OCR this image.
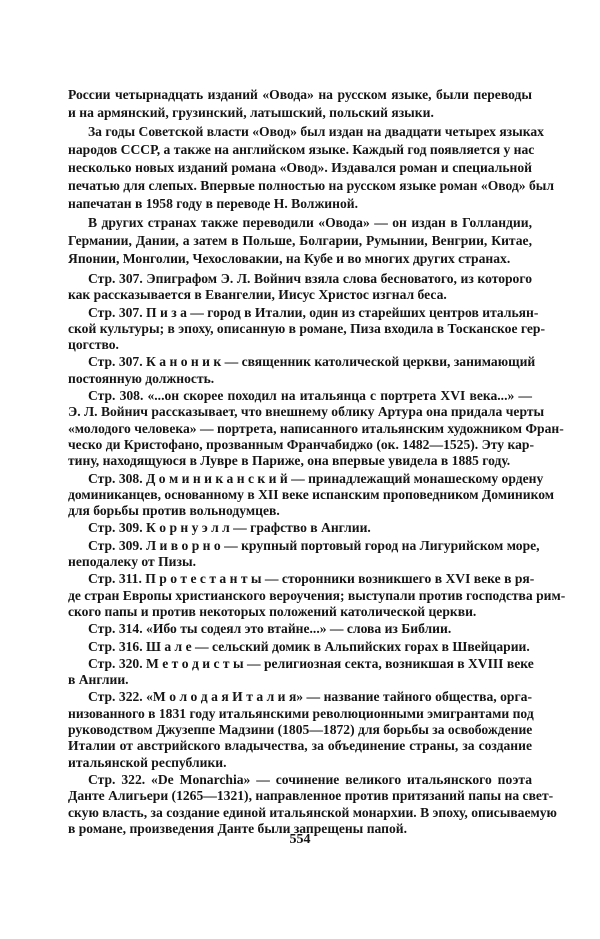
России четырнадцать изданий «Овода» на русском языке, были переводы
и на армянский, грузинский, латышский, польский языки.
За годы Советской власти «Овод» был издан на двадцати четырех языках
народов СССР, а также на английском языке. Каждый год появляется у нас
несколько новых изданий романа «Овод». Издавался роман и специальной
печатью для слепых. Впервые полностью на русском языке роман «Овод» был
напечатан в 1958 году в переводе Н. Волжиной.
В других странах также переводили «Овода» — он издан в Голландии,
Германии, Дании, а затем в Польше, Болгарии, Румынии, Венгрии, Китае,
Японии, Монголии, Чехословакии, на Кубе и во многих других странах.
Стр. 307. Эпиграфом Э. Л. Войнич взяла слова бесноватого, из которого
как рассказывается в Евангелии, Иисус Христос изгнал беса.
Стр. 307. П и з а — город в Италии, один из старейших центров итальян-
ской культуры; в эпоху, описанную в романе, Пиза входила в Тосканское гер-
цогство.
Стр. 307. К а н о н и к — священник католической церкви, занимающий
постоянную должность.
Стр. 308. «...он скорее походил на итальянца с портрета XVI века...» —
Э. Л. Войнич рассказывает, что внешнему облику Артура она придала черты
«молодого человека» — портрета, написанного итальянским художником Фран-
ческо ди Кристофано, прозванным Франчабиджо (ок. 1482—1525). Эту кар-
тину, находящуюся в Лувре в Париже, она впервые увидела в 1885 году.
Стр. 308. Д о м и н и к а н с к и й — принадлежащий монашескому ордену
доминиканцев, основанному в XII веке испанским проповедником Домиником
для борьбы против вольнодумцев.
Стр. 309. К о р н у э л л — графство в Англии.
Стр. 309. Л и в о р н о — крупный портовый город на Лигурийском море,
неподалеку от Пизы.
Стр. 311. П р о т е с т а н т ы — сторонники возникшего в XVI веке в ря-
де стран Европы христианского вероучения; выступали против господства рим-
ского папы и против некоторых положений католической церкви.
Стр. 314. «Ибо ты содеял это втайне...» — слова из Библии.
Стр. 316. Ш а л е — сельский домик в Альпийских горах в Швейцарии.
Стр. 320. М е т о д и с т ы — религиозная секта, возникшая в XVIII веке
в Англии.
Стр. 322. «М о л о д а я И т а л и я» — название тайного общества, орга-
низованного в 1831 году итальянскими революционными эмигрантами под
руководством Джузеппе Мадзини (1805—1872) для борьбы за освобождение
Италии от австрийского владычества, за объединение страны, за создание
итальянской республики.
Стр. 322. «De Monarchia» — сочинение великого итальянского поэта
Данте Алигьери (1265—1321), направленное против притязаний папы на свет-
скую власть, за создание единой итальянской монархии. В эпоху, описываемую
в романе, произведения Данте были запрещены папой.
554
